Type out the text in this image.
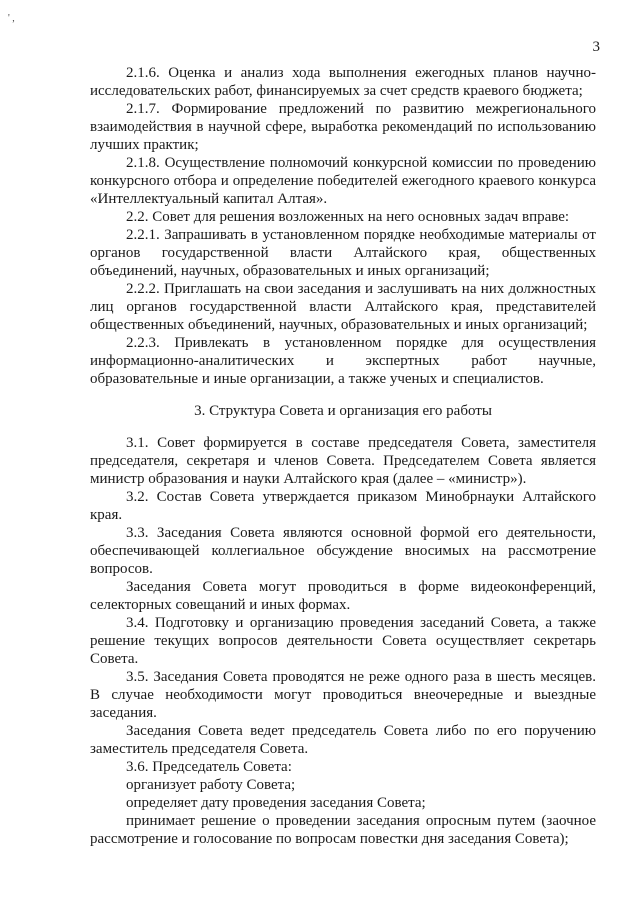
' ,
3

2.1.6. Оценка и анализ хода выполнения ежегодных планов научно-исследовательских работ, финансируемых за счет средств краевого бюджета;

2.1.7. Формирование предложений по развитию межрегионального взаимодействия в научной сфере, выработка рекомендаций по использованию лучших практик;

2.1.8. Осуществление полномочий конкурсной комиссии по проведению конкурсного отбора и определение победителей ежегодного краевого конкурса «Интеллектуальный капитал Алтая».

2.2. Совет для решения возложенных на него основных задач вправе:

2.2.1. Запрашивать в установленном порядке необходимые материалы от органов государственной власти Алтайского края, общественных объединений, научных, образовательных и иных организаций;

2.2.2. Приглашать на свои заседания и заслушивать на них должностных лиц органов государственной власти Алтайского края, представителей общественных объединений, научных, образовательных и иных организаций;

2.2.3. Привлекать в установленном порядке для осуществления информационно-аналитических и экспертных работ научные, образовательные и иные организации, а также ученых и специалистов.

3. Структура Совета и организация его работы

3.1. Совет формируется в составе председателя Совета, заместителя председателя, секретаря и членов Совета. Председателем Совета является министр образования и науки Алтайского края (далее – «министр»).

3.2. Состав Совета утверждается приказом Минобрнауки Алтайского края.

3.3. Заседания Совета являются основной формой его деятельности, обеспечивающей коллегиальное обсуждение вносимых на рассмотрение вопросов.

Заседания Совета могут проводиться в форме видеоконференций, селекторных совещаний и иных формах.

3.4. Подготовку и организацию проведения заседаний Совета, а также решение текущих вопросов деятельности Совета осуществляет секретарь Совета.

3.5. Заседания Совета проводятся не реже одного раза в шесть месяцев. В случае необходимости могут проводиться внеочередные и выездные заседания.

Заседания Совета ведет председатель Совета либо по его поручению заместитель председателя Совета.

3.6. Председатель Совета:

организует работу Совета;

определяет дату проведения заседания Совета;

принимает решение о проведении заседания опросным путем (заочное рассмотрение и голосование по вопросам повестки дня заседания Совета);
